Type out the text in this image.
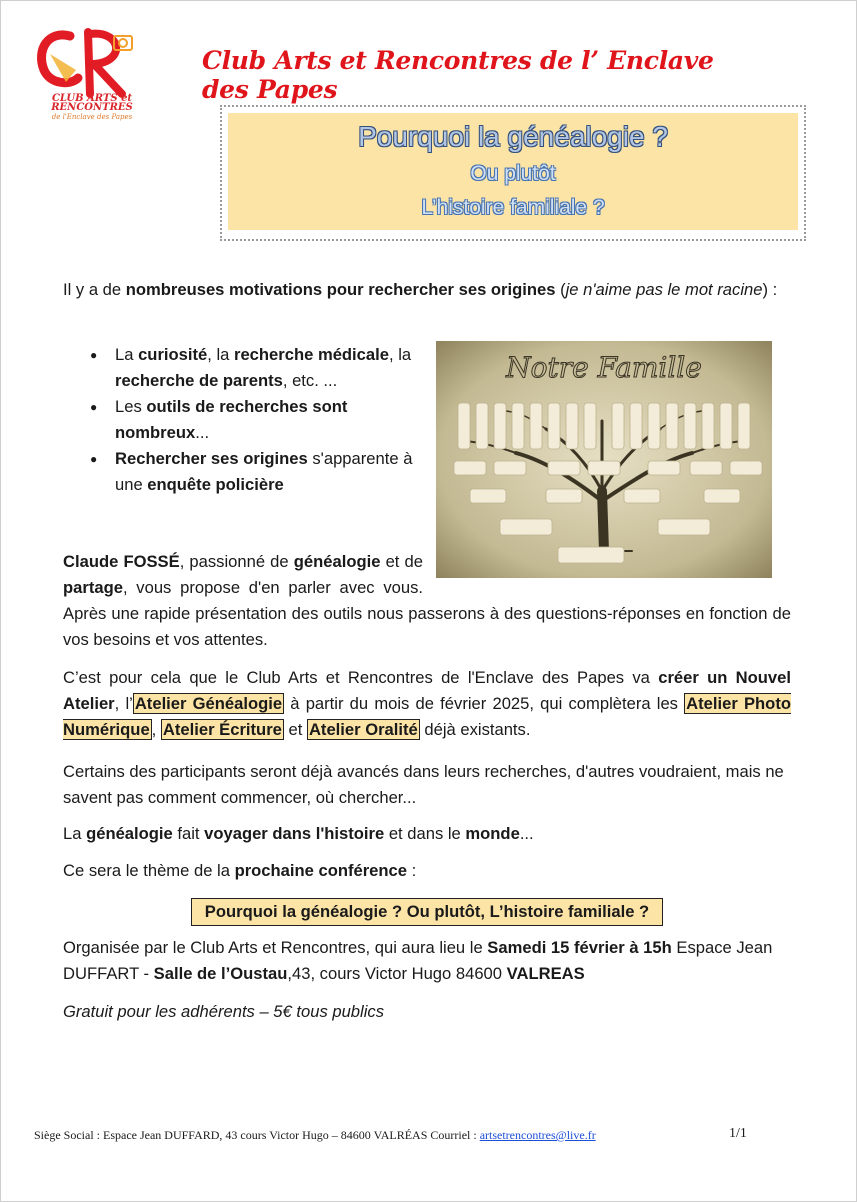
CLUB ARTS et RENCONTRES
de l'Enclave des Papes
Club Arts et Rencontres de l’ Enclave des Papes
Pourquoi la généalogie ?
Ou plutôt
L’histoire familiale ?
Il y a de nombreuses motivations pour rechercher ses origines (je n'aime pas le mot racine) :
● La curiosité, la recherche médicale, la recherche de parents, etc. ...
● Les outils de recherches sont nombreux...
● Rechercher ses origines s'apparente à une enquête policière
Notre Famille
Claude FOSSÉ, passionné de généalogie et de partage, vous propose d'en parler avec vous. Après une rapide présentation des outils nous passerons à des questions-réponses en fonction de vos besoins et vos attentes.
C’est pour cela que le Club Arts et Rencontres de l'Enclave des Papes va créer un Nouvel Atelier, l’ Atelier Généalogie à partir du mois de février 2025, qui complètera les Atelier Photo Numérique , Atelier Écriture et Atelier Oralité déjà existants.
Certains des participants seront déjà avancés dans leurs recherches, d'autres voudraient, mais ne savent pas comment commencer, où chercher...
La généalogie fait voyager dans l'histoire et dans le monde...
Ce sera le thème de la prochaine conférence :
Pourquoi la généalogie ? Ou plutôt, L’histoire familiale ?
Organisée par le Club Arts et Rencontres, qui aura lieu le Samedi 15 février à 15h Espace Jean DUFFART - Salle de l’Oustau,43, cours Victor Hugo 84600 VALREAS
Gratuit pour les adhérents – 5€ tous publics
Siège Social : Espace Jean DUFFARD, 43 cours Victor Hugo – 84600 VALRÉAS Courriel : artsetrencontres@live.fr	1/1
